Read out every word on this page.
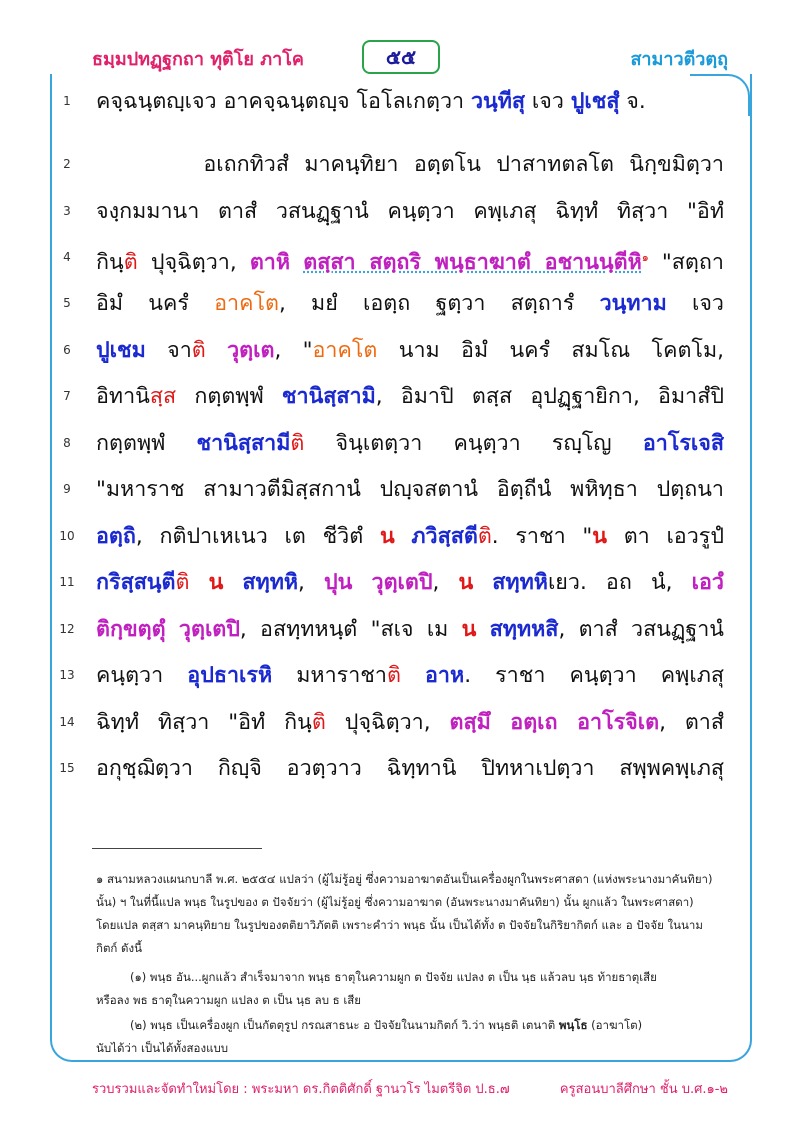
ธมฺมปทฏฺฐกถา ทุติโย ภาโค	๕๕	สามาวตีวตฺถุ
1	คจฺฉนฺตญฺเจว อาคจฺฉนฺตญฺจ โอโลเกตฺวา วนฺทีสุ เจว ปูเชสุํ จ.
2	อเถกทิวสํ มาคนฺทิยา อตฺตโน ปาสาทตลโต นิกฺขมิตฺวา
3	จงฺกมมานา ตาสํ วสนฏฺฐานํ คนฺตฺวา คพฺเภสุ ฉิทฺทํ ทิสฺวา "อิทํ
4	กินฺติ ปุจฺฉิตฺวา, ตาหิ ตสฺสา สตฺถริ พนฺธาฆาตํ อชานนฺตีหิ$^๑$ "สตฺถา
5	อิมํ นครํ อาคโต, มยํ เอตฺถ ฐตฺวา สตฺถารํ วนฺทาม เจว
6	ปูเชม จาติ วุตฺเต, "อาคโต นาม อิมํ นครํ สมโณ โคตโม,
7	อิทานิสฺส กตฺตพฺพํ ชานิสฺสามิ, อิมาปิ ตสฺส อุปฏฺฐายิกา, อิมาสํปิ
8	กตฺตพฺพํ ชานิสฺสามีติ จินฺเตตฺวา คนฺตฺวา รญฺโญ อาโรเจสิ
9	"มหาราช สามาวตีมิสฺสกานํ ปญฺจสตานํ อิตฺถีนํ พหิทฺธา ปตฺถนา
10 อตฺถิ, กติปาเหเนว เต ชีวิตํ น ภวิสฺสตีติ. ราชา "น ตา เอวรูปํ
11 กริสฺสนฺตีติ น สทฺทหิ, ปุน วุตฺเตปิ, น สทฺทหิเยว. อถ นํ, เอวํ
12 ติกฺขตฺตุํ วุตฺเตปิ, อสทฺทหนฺตํ "สเจ เม น สทฺทหสิ, ตาสํ วสนฏฺฐานํ
13 คนฺตฺวา อุปธาเรหิ มหาราชาติ อาห. ราชา คนฺตฺวา คพฺเภสุ
14 ฉิทฺทํ ทิสฺวา "อิทํ กินฺติ ปุจฺฉิตฺวา, ตสฺมึ อตฺเถ อาโรจิเต, ตาสํ
15 อกุชฺฌิตฺวา กิญฺจิ อวตฺวาว ฉิทฺทานิ ปิทหาเปตฺวา สพฺพคพฺเภสุ
๑ สนามหลวงแผนกบาลี พ.ศ. ๒๕๕๔ แปลว่า (ผู้ไม่รู้อยู่ ซึ่งความอาฆาตอันเป็นเครื่องผูกในพระศาสดา (แห่งพระนางมาคันทิยา)
นั้น) ฯ ในที่นี้แปล พนฺธ ในรูปของ ต ปัจจัยว่า (ผู้ไม่รู้อยู่ ซึ่งความอาฆาต (อันพระนางมาคันทิยา) นั้น ผูกแล้ว ในพระศาสดา)
โดยแปล ตสฺสา มาคนฺทิยาย ในรูปของตติยาวิภัตติ เพราะคำว่า พนฺธ นั้น เป็นได้ทั้ง ต ปัจจัยในกิริยากิตก์ และ อ ปัจจัย ในนาม
กิตก์ ดังนี้
(๑) พนฺธ อัน...ผูกแล้ว สำเร็จมาจาก พนฺธ ธาตุในความผูก ต ปัจจัย แปลง ต เป็น นฺธ แล้วลบ นฺธ ท้ายธาตุเสีย
หรือลง พธ ธาตุในความผูก แปลง ต เป็น นฺธ ลบ ธ เสีย
(๒) พนฺธ เป็นเครื่องผูก เป็นกัตตุรูป กรณสาธนะ อ ปัจจัยในนามกิตก์ วิ.ว่า พนฺธติ เตนาติ พนฺโธ (อาฆาโต)
นับได้ว่า เป็นได้ทั้งสองแบบ
รวบรวมและจัดทำใหม่โดย : พระมหา ดร.กิตติศักดิ์ ฐานวโร ไมตรีจิต ป.ธ.๗	ครูสอนบาลีศึกษา ชั้น บ.ศ.๑-๒
